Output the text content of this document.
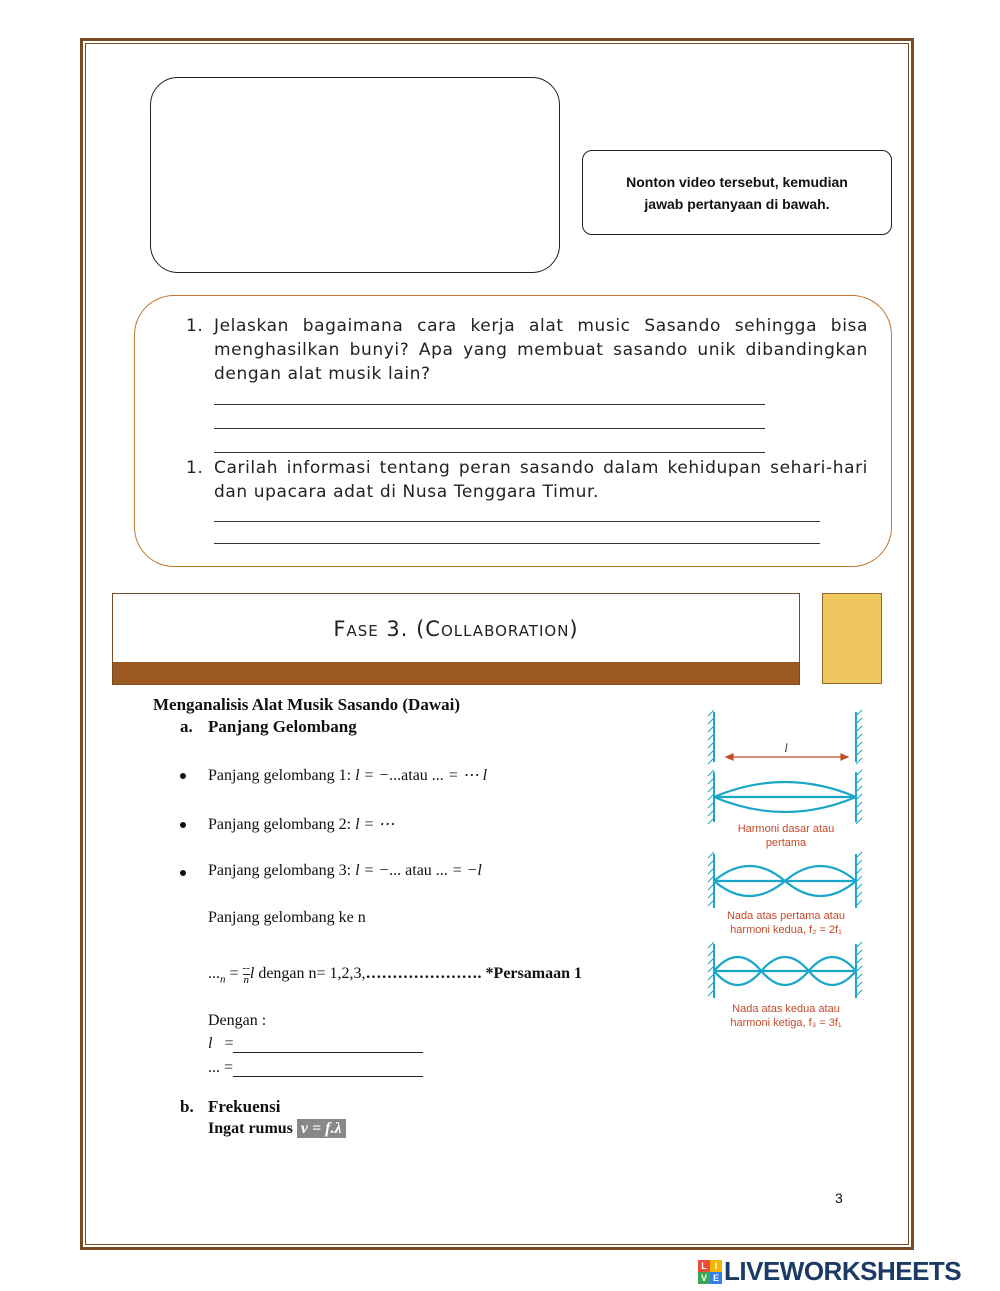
Nonton video tersebut, kemudian
jawab pertanyaan di bawah.
1. Jelaskan bagaimana cara kerja alat music Sasando sehingga bisa menghasilkan bunyi? Apa yang membuat sasando unik dibandingkan dengan alat musik lain?
1. Carilah informasi tentang peran sasando dalam kehidupan sehari-hari dan upacara adat di Nusa Tenggara Timur.
Fase 3. (Collaboration)
Menganalisis Alat Musik Sasando (Dawai)
a. Panjang Gelombang
Panjang gelombang 1: l = −...atau ... = ⋯ l
Panjang gelombang 2: l = ⋯
Panjang gelombang 3: l = −... atau ... = −l
Panjang gelombang ke n
$..._n = \frac{--}{n}$ l dengan n= 1,2,3,…………………. *Persamaan 1
Dengan :
l   =
... =
b. Frekuensi
Ingat rumus v = f.λ
l
Harmoni dasar atau
pertama
Nada atas pertama atau
harmoni kedua, f₂ = 2f₁
Nada atas kedua atau
harmoni ketiga, f₃ = 3f₁
3
L I
V E LIVEWORKSHEETS
